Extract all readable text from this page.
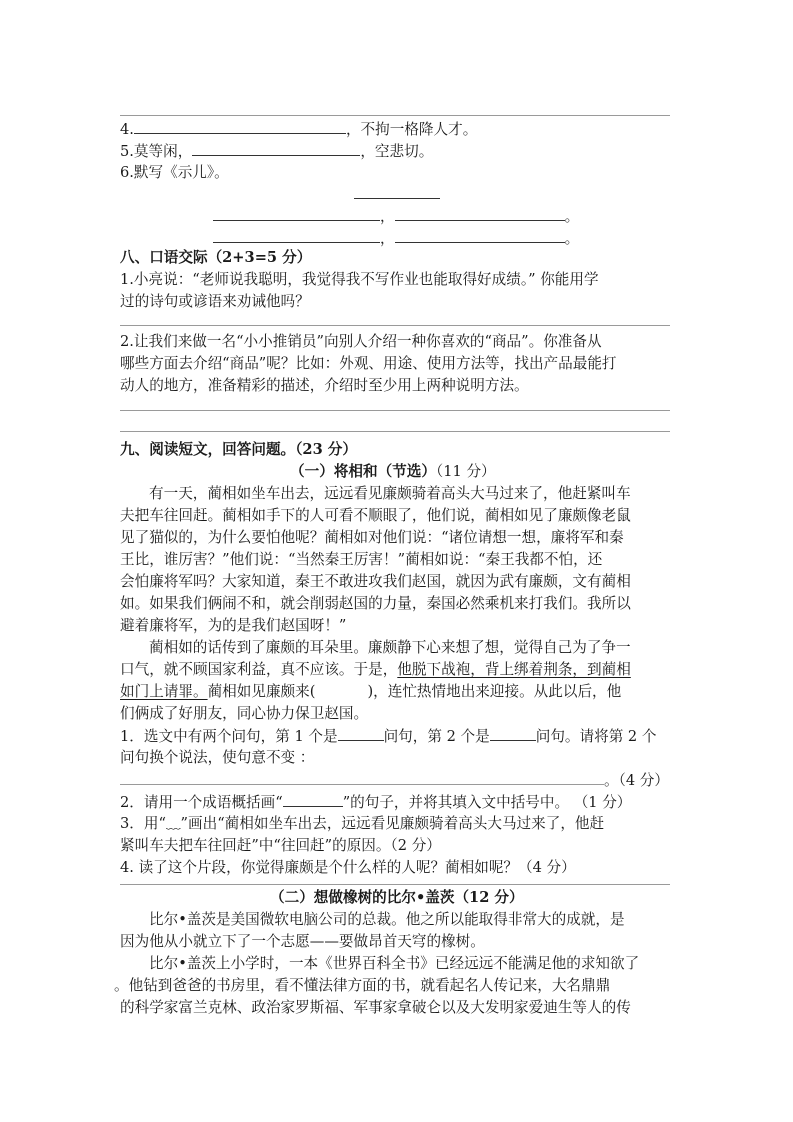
4.	，不拘一格降人才。
5.莫等闲，	，空悲切。
6.默写《示儿》。
，	。
，	。
八、口语交际（2+3=5 分）
1.小亮说：“老师说我聪明，我觉得我不写作业也能取得好成绩。” 你能用学
过的诗句或谚语来劝诫他吗？
2.让我们来做一名“小小推销员”向别人介绍一种你喜欢的“商品”。你准备从
哪些方面去介绍“商品”呢？比如：外观、用途、使用方法等，找出产品最能打
动人的地方，准备精彩的描述，介绍时至少用上两种说明方法。
九、阅读短文，回答问题。（23 分）
（一）将相和（节选）（11 分）
有一天，蔺相如坐车出去，远远看见廉颇骑着高头大马过来了，他赶紧叫车
夫把车往回赶。蔺相如手下的人可看不顺眼了，他们说，蔺相如见了廉颇像老鼠
见了猫似的，为什么要怕他呢？蔺相如对他们说：“诸位请想一想，廉将军和秦
王比，谁厉害？”他们说：“当然秦王厉害！”蔺相如说：“秦王我都不怕，还
会怕廉将军吗？大家知道，秦王不敢进攻我们赵国，就因为武有廉颇，文有蔺相
如。如果我们俩闹不和，就会削弱赵国的力量，秦国必然乘机来打我们。我所以
避着廉将军，为的是我们赵国呀！”
蔺相如的话传到了廉颇的耳朵里。廉颇静下心来想了想，觉得自己为了争一
口气，就不顾国家利益，真不应该。于是，他脱下战袍，背上绑着荆条，到蔺相
如门上请罪。蔺相如见廉颇来(	)，连忙热情地出来迎接。从此以后，他
们俩成了好朋友，同心协力保卫赵国。
1．选文中有两个问句，第 1 个是	问句，第 2 个是	问句。请将第 2 个
问句换个说法，使句意不变 ：
。（4 分）
2．请用一个成语概括画“	”的句子，并将其填入文中括号中。 （1 分）
3．用“﹏”画出“蔺相如坐车出去，远远看见廉颇骑着高头大马过来了，他赶
紧叫车夫把车往回赶”中“往回赶”的原因。（2 分）
4. 读了这个片段，你觉得廉颇是个什么样的人呢？蔺相如呢？（4 分）
（二）想做橡树的比尔•盖茨（12 分）
比尔•盖茨是美国微软电脑公司的总裁。他之所以能取得非常大的成就，是
因为他从小就立下了一个志愿——要做昂首天穹的橡树。
比尔•盖茨上小学时，一本《世界百科全书》已经远远不能满足他的求知欲了
。他钻到爸爸的书房里，看不懂法律方面的书，就看起名人传记来，大名鼎鼎
的科学家富兰克林、政治家罗斯福、军事家拿破仑以及大发明家爱迪生等人的传
